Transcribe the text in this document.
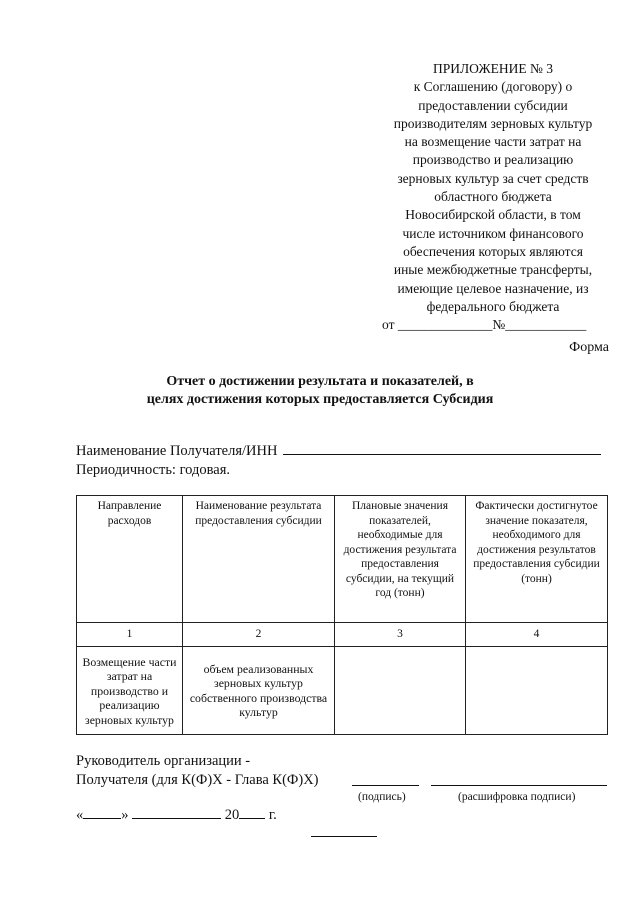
ПРИЛОЖЕНИЕ № 3
к Соглашению (договору) о
предоставлении субсидии
производителям зерновых культур
на возмещение части затрат на
производство и реализацию
зерновых культур за счет средств
областного бюджета
Новосибирской области, в том
числе источником финансового
обеспечения которых являются
иные межбюджетные трансферты,
имеющие целевое назначение, из
федерального бюджета
от ______________№____________
Форма
Отчет о достижении результата и показателей, в
целях достижения которых предоставляется Субсидия
Наименование Получателя/ИНН
Периодичность: годовая.
Направление расходов	Наименование результата предоставления субсидии	Плановые значения показателей, необходимые для достижения результата предоставления субсидии, на текущий год (тонн)	Фактически достигнутое значение показателя, необходимого для достижения результатов предоставления субсидии (тонн)
1	2	3	4
Возмещение части затрат на производство и реализацию зерновых культур	объем реализованных зерновых культур собственного производства культур		
Руководитель организации -
Получателя (для К(Ф)Х - Глава К(Ф)Х)
(подпись)	(расшифровка подписи)
«	»	20 г.
